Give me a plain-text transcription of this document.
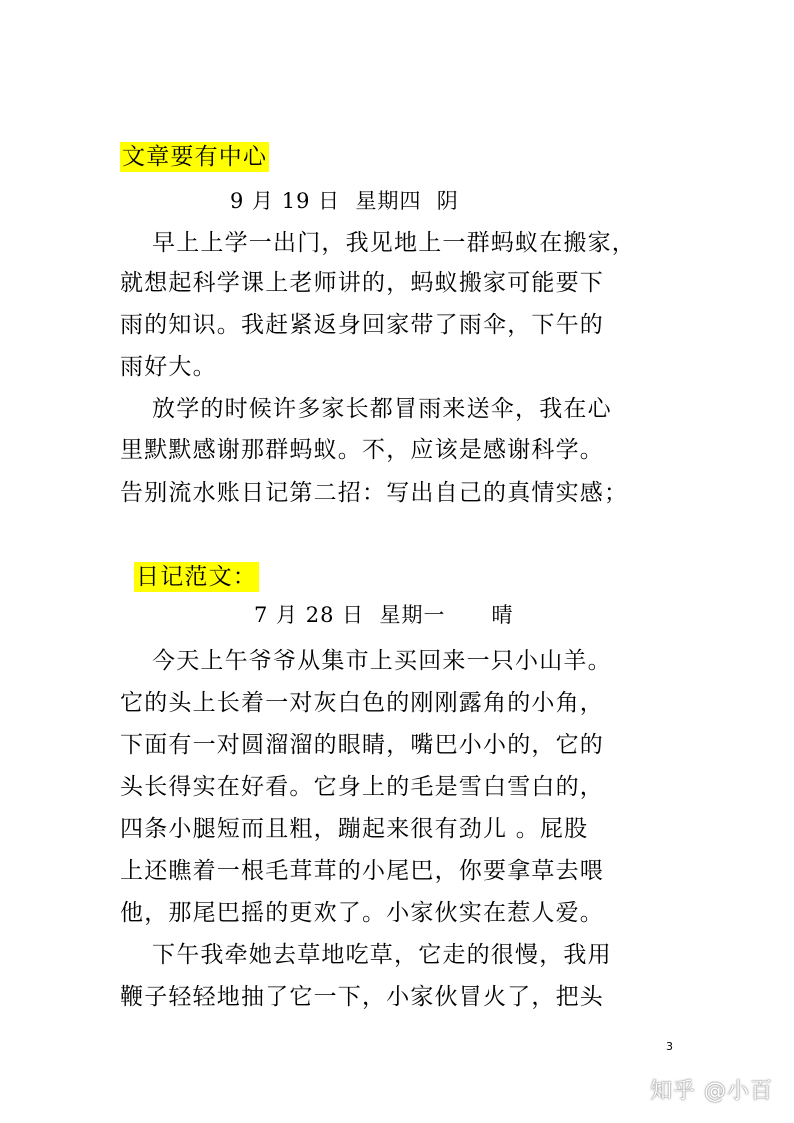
文章要有中心
9 月 19 日  星期四  阴
早上上学一出门，我见地上一群蚂蚁在搬家，
就想起科学课上老师讲的，蚂蚁搬家可能要下
雨的知识。我赶紧返身回家带了雨伞，下午的
雨好大。
放学的时候许多家长都冒雨来送伞，我在心
里默默感谢那群蚂蚁。不，应该是感谢科学。
告别流水账日记第二招：写出自己的真情实感；
日记范文：
7 月 28 日  星期一      晴
今天上午爷爷从集市上买回来一只小山羊。
它的头上长着一对灰白色的刚刚露角的小角，
下面有一对圆溜溜的眼睛，嘴巴小小的，它的
头长得实在好看。它身上的毛是雪白雪白的，
四条小腿短而且粗，蹦起来很有劲儿 。屁股
上还瞧着一根毛茸茸的小尾巴，你要拿草去喂
他，那尾巴摇的更欢了。小家伙实在惹人爱。
下午我牵她去草地吃草，它走的很慢，我用
鞭子轻轻地抽了它一下，小家伙冒火了，把头
3
知乎 @小百
